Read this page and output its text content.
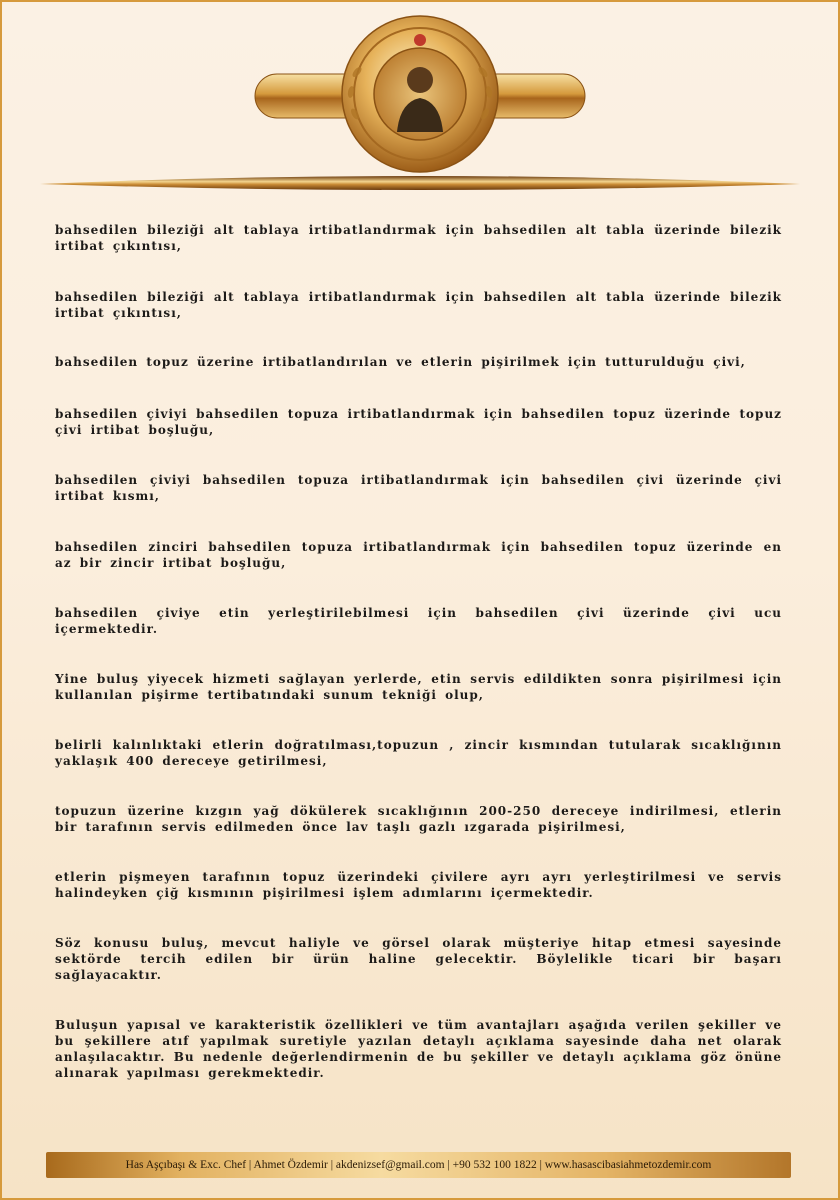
bahsedilen bileziği alt tablaya irtibatlandırmak için bahsedilen alt tabla üzerinde bilezik irtibat çıkıntısı,

bahsedilen bileziği alt tablaya irtibatlandırmak için bahsedilen alt tabla üzerinde bilezik irtibat çıkıntısı,

bahsedilen topuz üzerine irtibatlandırılan ve etlerin pişirilmek için tutturulduğu çivi,

bahsedilen çiviyi bahsedilen topuza irtibatlandırmak için bahsedilen topuz üzerinde topuz çivi irtibat boşluğu,

bahsedilen çiviyi bahsedilen topuza irtibatlandırmak için bahsedilen çivi üzerinde çivi irtibat kısmı,

bahsedilen zinciri bahsedilen topuza irtibatlandırmak için bahsedilen topuz üzerinde en az bir zincir irtibat boşluğu,

bahsedilen çiviye etin yerleştirilebilmesi için bahsedilen çivi üzerinde çivi ucu içermektedir.

Yine buluş yiyecek hizmeti sağlayan yerlerde, etin servis edildikten sonra pişirilmesi için kullanılan pişirme tertibatındaki sunum tekniği olup,

belirli kalınlıktaki etlerin doğratılması,topuzun , zincir kısmından tutularak sıcaklığının yaklaşık 400 dereceye getirilmesi,

topuzun üzerine kızgın yağ dökülerek sıcaklığının 200-250 dereceye indirilmesi, etlerin bir tarafının servis edilmeden önce lav taşlı gazlı ızgarada pişirilmesi,

etlerin pişmeyen tarafının topuz üzerindeki çivilere ayrı ayrı yerleştirilmesi ve servis halindeyken çiğ kısmının pişirilmesi işlem adımlarını içermektedir.

Söz konusu buluş, mevcut haliyle ve görsel olarak müşteriye hitap etmesi sayesinde sektörde tercih edilen bir ürün haline gelecektir. Böylelikle ticari bir başarı sağlayacaktır.

Buluşun yapısal ve karakteristik özellikleri ve tüm avantajları aşağıda verilen şekiller ve bu şekillere atıf yapılmak suretiyle yazılan detaylı açıklama sayesinde daha net olarak anlaşılacaktır. Bu nedenle değerlendirmenin de bu şekiller ve detaylı açıklama göz önüne alınarak yapılması gerekmektedir.

Has Aşçıbaşı & Exc. Chef | Ahmet Özdemir | akdenizsef@gmail.com | +90 532 100 1822 | www.hasascibasiahmetozdemir.com
